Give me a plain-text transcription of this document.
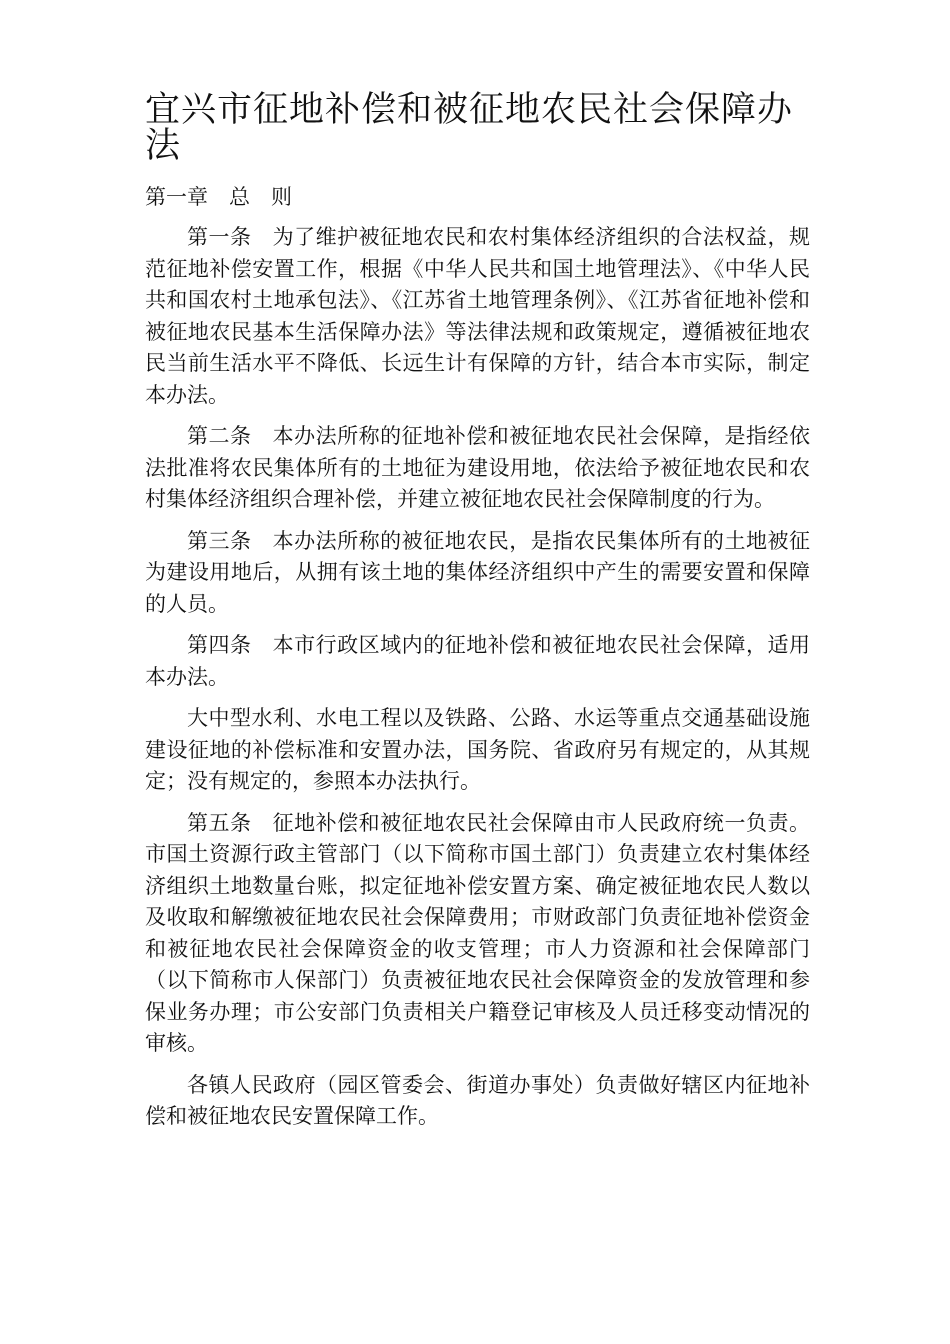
宜兴市征地补偿和被征地农民社会保障办法
第一章　总　则

第一条 为了维护被征地农民和农村集体经济组织的合法权益，规范征地补偿安置工作，根据《中华人民共和国土地管理法》、《中华人民共和国农村土地承包法》、《江苏省土地管理条例》、《江苏省征地补偿和被征地农民基本生活保障办法》等法律法规和政策规定，遵循被征地农民当前生活水平不降低、长远生计有保障的方针，结合本市实际，制定本办法。

第二条 本办法所称的征地补偿和被征地农民社会保障，是指经依法批准将农民集体所有的土地征为建设用地，依法给予被征地农民和农村集体经济组织合理补偿，并建立被征地农民社会保障制度的行为。

第三条 本办法所称的被征地农民，是指农民集体所有的土地被征为建设用地后，从拥有该土地的集体经济组织中产生的需要安置和保障的人员。

第四条 本市行政区域内的征地补偿和被征地农民社会保障，适用本办法。

大中型水利、水电工程以及铁路、公路、水运等重点交通基础设施建设征地的补偿标准和安置办法，国务院、省政府另有规定的，从其规定；没有规定的，参照本办法执行。

第五条 征地补偿和被征地农民社会保障由市人民政府统一负责。市国土资源行政主管部门（以下简称市国土部门）负责建立农村集体经济组织土地数量台账，拟定征地补偿安置方案、确定被征地农民人数以及收取和解缴被征地农民社会保障费用；市财政部门负责征地补偿资金和被征地农民社会保障资金的收支管理；市人力资源和社会保障部门（以下简称市人保部门）负责被征地农民社会保障资金的发放管理和参保业务办理；市公安部门负责相关户籍登记审核及人员迁移变动情况的审核。

各镇人民政府（园区管委会、街道办事处）负责做好辖区内征地补偿和被征地农民安置保障工作。
